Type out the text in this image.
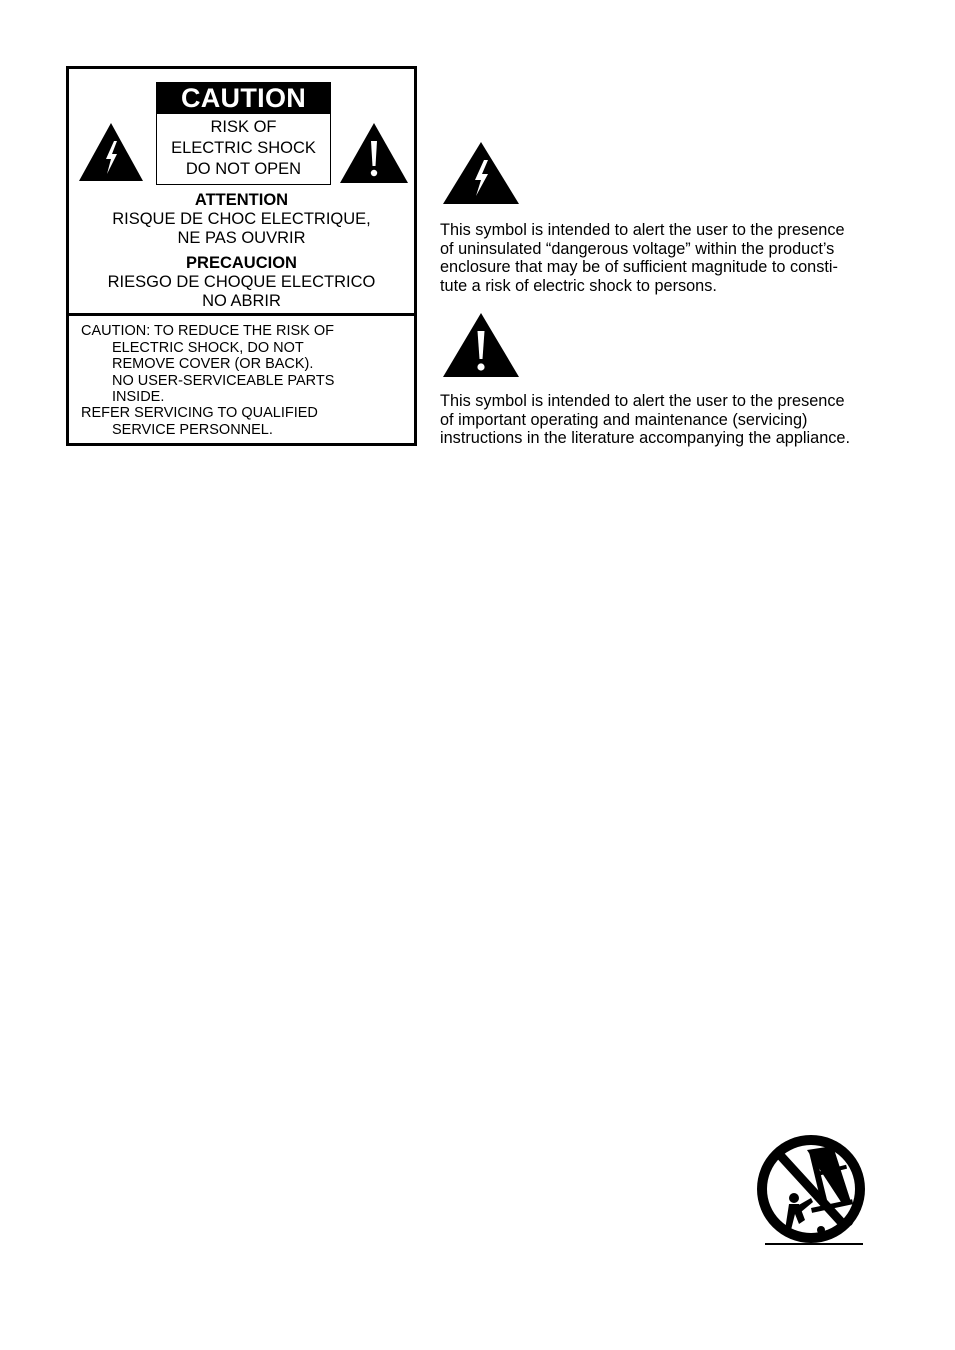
CAUTION
RISK OF
ELECTRIC SHOCK
DO NOT OPEN
ATTENTION
RISQUE DE CHOC ELECTRIQUE,
NE PAS OUVRIR
PRECAUCION
RIESGO DE CHOQUE ELECTRICO
NO ABRIR
CAUTION: TO REDUCE THE RISK OF
ELECTRIC SHOCK, DO NOT
REMOVE COVER (OR BACK).
NO USER-SERVICEABLE PARTS
INSIDE.
REFER SERVICING TO QUALIFIED
SERVICE PERSONNEL.
This symbol is intended to alert the user to the presence
of uninsulated “dangerous voltage” within the product’s
enclosure that may be of sufficient magnitude to consti-
tute a risk of electric shock to persons.
This symbol is intended to alert the user to the presence
of important operating and maintenance (servicing)
instructions in the literature accompanying the appliance.
